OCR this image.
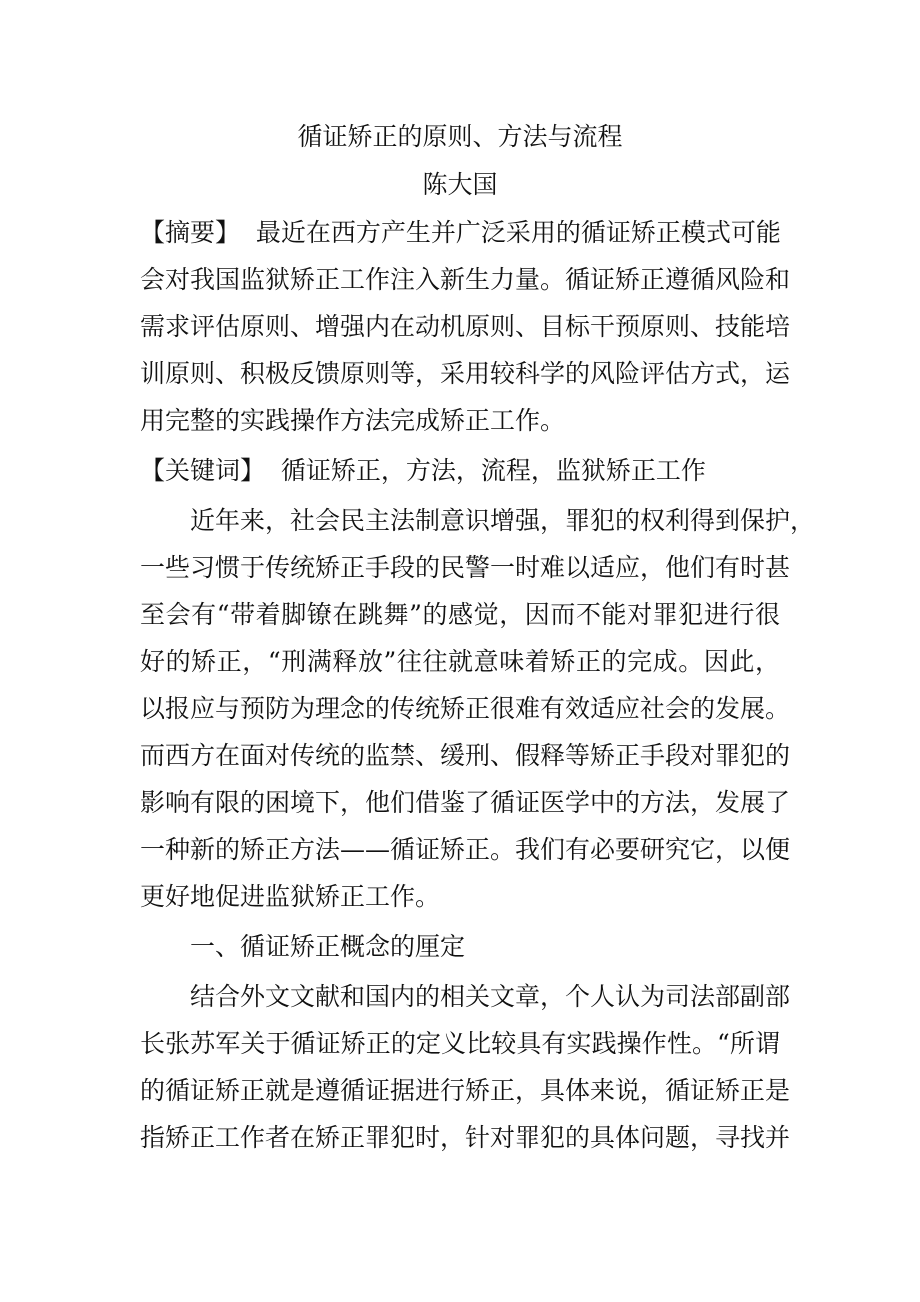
循证矫正的原则、方法与流程
陈大国
【摘要】 最近在西方产生并广泛采用的循证矫正模式可能
会对我国监狱矫正工作注入新生力量。循证矫正遵循风险和
需求评估原则、增强内在动机原则、目标干预原则、技能培
训原则、积极反馈原则等，采用较科学的风险评估方式，运
用完整的实践操作方法完成矫正工作。
【关键词】 循证矫正，方法，流程，监狱矫正工作
近年来，社会民主法制意识增强，罪犯的权利得到保护，
一些习惯于传统矫正手段的民警一时难以适应，他们有时甚
至会有“带着脚镣在跳舞”的感觉，因而不能对罪犯进行很
好的矫正，“刑满释放”往往就意味着矫正的完成。因此，
以报应与预防为理念的传统矫正很难有效适应社会的发展。
而西方在面对传统的监禁、缓刑、假释等矫正手段对罪犯的
影响有限的困境下，他们借鉴了循证医学中的方法，发展了
一种新的矫正方法——循证矫正。我们有必要研究它，以便
更好地促进监狱矫正工作。
一、循证矫正概念的厘定
结合外文文献和国内的相关文章，个人认为司法部副部
长张苏军关于循证矫正的定义比较具有实践操作性。“所谓
的循证矫正就是遵循证据进行矫正，具体来说，循证矫正是
指矫正工作者在矫正罪犯时，针对罪犯的具体问题，寻找并
